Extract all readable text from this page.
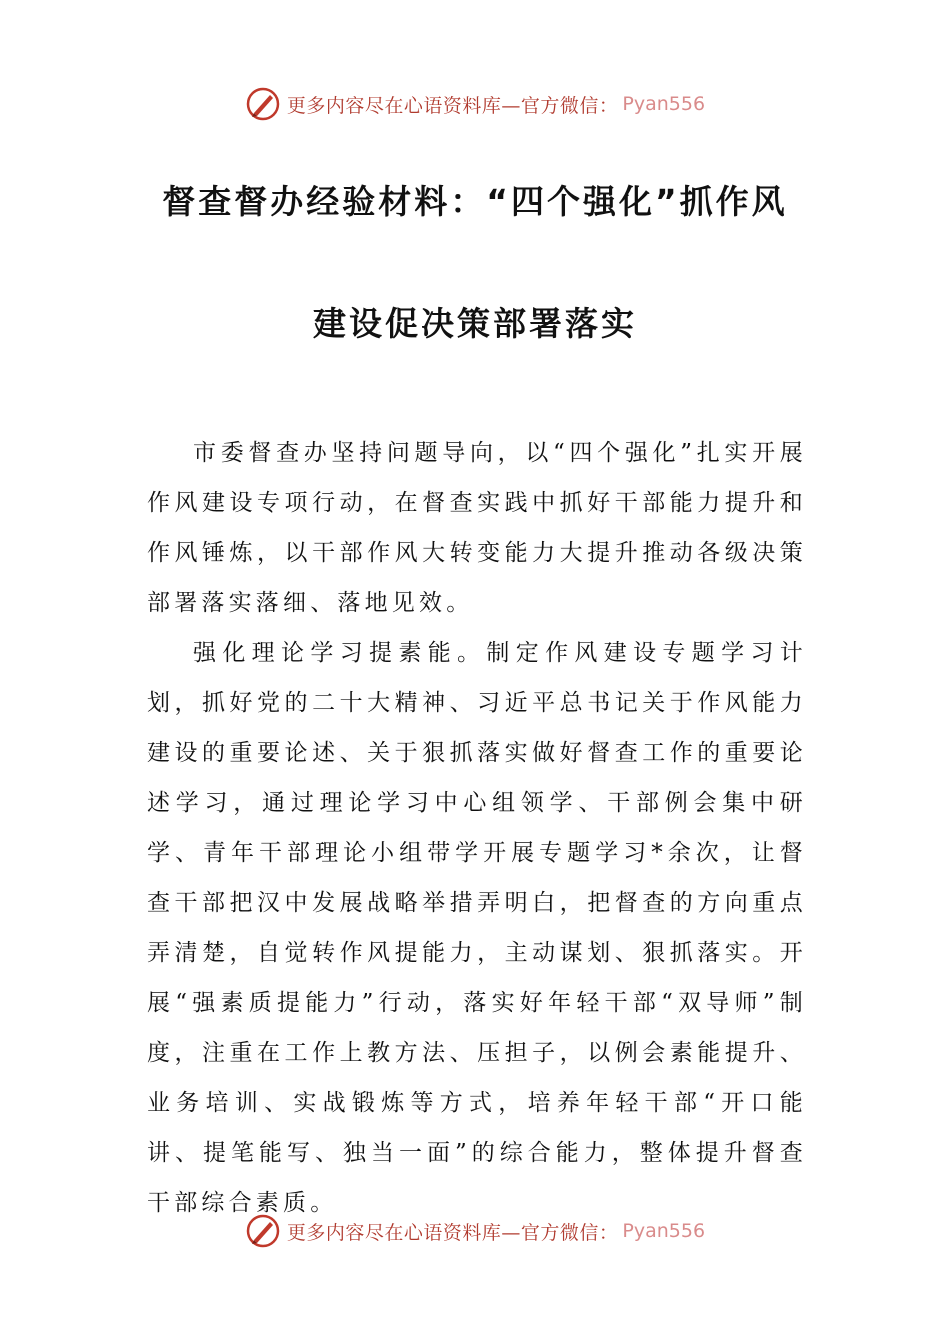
更多内容尽在心语资料库—官方微信： Pyan556
督查督办经验材料：“四个强化”抓作风
建设促决策部署落实

市委督查办坚持问题导向，以“四个强化”扎实开展作风建设专项行动，在督查实践中抓好干部能力提升和作风锤炼，以干部作风大转变能力大提升推动各级决策部署落实落细、落地见效。

强化理论学习提素能。制定作风建设专题学习计划，抓好党的二十大精神、习近平总书记关于作风能力建设的重要论述、关于狠抓落实做好督查工作的重要论述学习，通过理论学习中心组领学、干部例会集中研学、青年干部理论小组带学开展专题学习*余次，让督查干部把汉中发展战略举措弄明白，把督查的方向重点弄清楚，自觉转作风提能力，主动谋划、狠抓落实。开展“强素质提能力”行动，落实好年轻干部“双导师”制度，注重在工作上教方法、压担子，以例会素能提升、业务培训、实战锻炼等方式，培养年轻干部“开口能讲、提笔能写、独当一面”的综合能力，整体提升督查干部综合素质。

更多内容尽在心语资料库—官方微信： Pyan556
